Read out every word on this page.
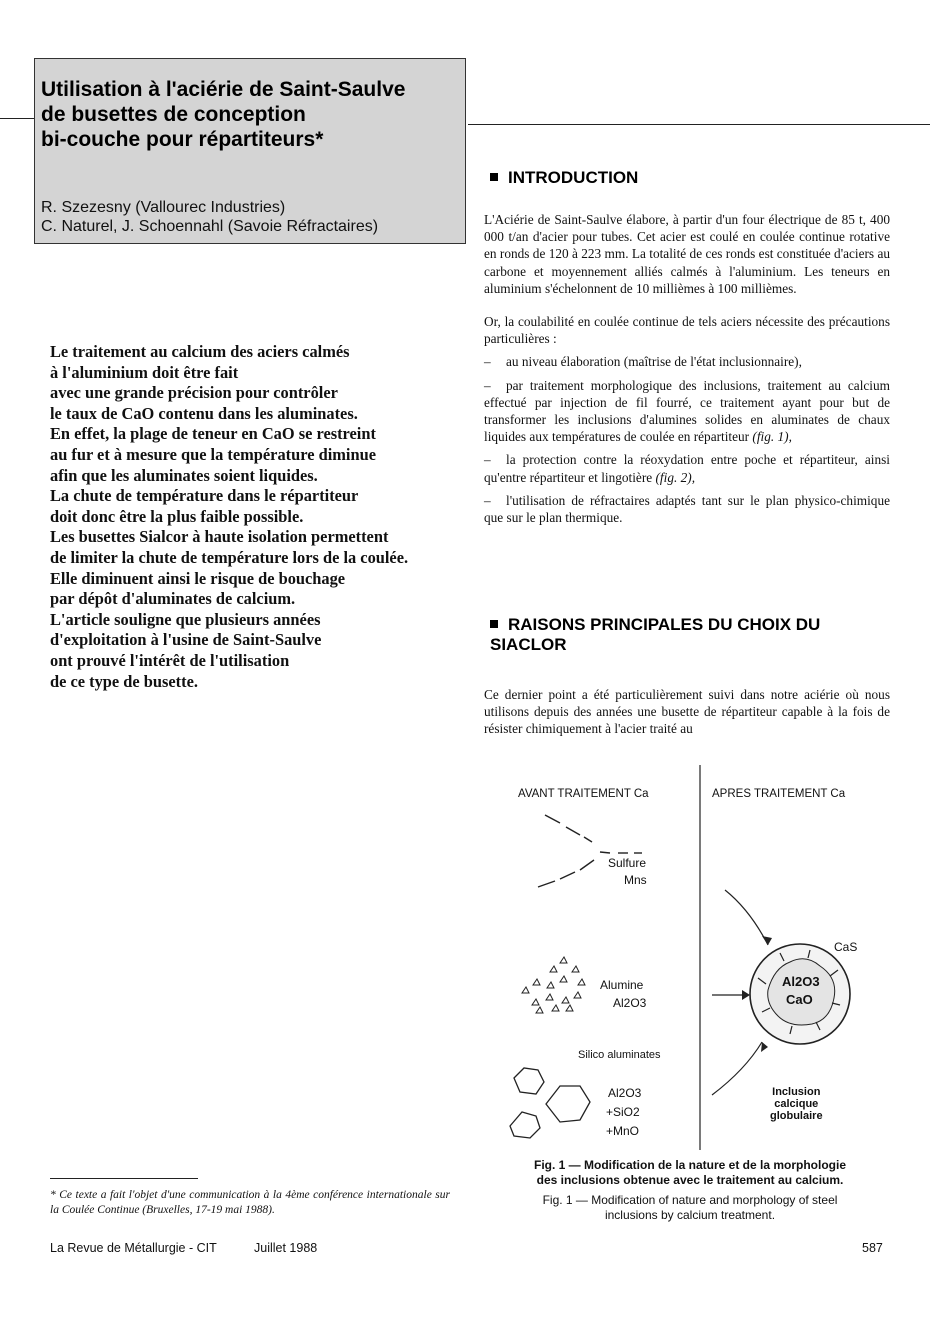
Utilisation à l'aciérie de Saint-Saulve
de busettes de conception
bi-couche pour répartiteurs*
R. Szezesny (Vallourec Industries)
C. Naturel, J. Schoennahl (Savoie Réfractaires)
Le traitement au calcium des aciers calmés
à l'aluminium doit être fait
avec une grande précision pour contrôler
le taux de CaO contenu dans les aluminates.
En effet, la plage de teneur en CaO se restreint
au fur et à mesure que la température diminue
afin que les aluminates soient liquides.
La chute de température dans le répartiteur
doit donc être la plus faible possible.
Les busettes Sialcor à haute isolation permettent
de limiter la chute de température lors de la coulée.
Elle diminuent ainsi le risque de bouchage
par dépôt d'aluminates de calcium.
L'article souligne que plusieurs années
d'exploitation à l'usine de Saint-Saulve
ont prouvé l'intérêt de l'utilisation
de ce type de busette.
INTRODUCTION

L'Aciérie de Saint-Saulve élabore, à partir d'un four électrique de 85 t, 400 000 t/an d'acier pour tubes. Cet acier est coulé en coulée continue rotative en ronds de 120 à 223 mm. La totalité de ces ronds est constituée d'aciers au carbone et moyennement alliés calmés à l'aluminium. Les teneurs en aluminium s'échelonnent de 10 millièmes à 100 millièmes.

Or, la coulabilité en coulée continue de tels aciers nécessite des précautions particulières :

– au niveau élaboration (maîtrise de l'état inclusionnaire),

– par traitement morphologique des inclusions, traitement au calcium effectué par injection de fil fourré, ce traitement ayant pour but de transformer les inclusions d'alumines solides en aluminates de chaux liquides aux températures de coulée en répartiteur (fig. 1),

– la protection contre la réoxydation entre poche et répartiteur, ainsi qu'entre répartiteur et lingotière (fig. 2),

– l'utilisation de réfractaires adaptés tant sur le plan physico-chimique que sur le plan thermique.

RAISONS PRINCIPALES DU CHOIX DU
SIACLOR

Ce dernier point a été particulièrement suivi dans notre aciérie où nous utilisons depuis des années une busette de répartiteur capable à la fois de résister chimiquement à l'acier traité au

AVANT TRAITEMENT Ca	APRES TRAITEMENT Ca
Sulfure
Mns
Alumine
Al2O3
Silico aluminates
Al2O3
+SiO2
+MnO
CaS
Al2O3
CaO
Inclusion
calcique
globulaire
Fig. 1 — Modification de la nature et de la morphologie
des inclusions obtenue avec le traitement au calcium.
Fig. 1 — Modification of nature and morphology of steel
inclusions by calcium treatment.
* Ce texte a fait l'objet d'une communication à la 4ème conférence internationale sur la Coulée Continue (Bruxelles, 17-19 mai 1988).
La Revue de Métallurgie - CIT	Juillet 1988	587
